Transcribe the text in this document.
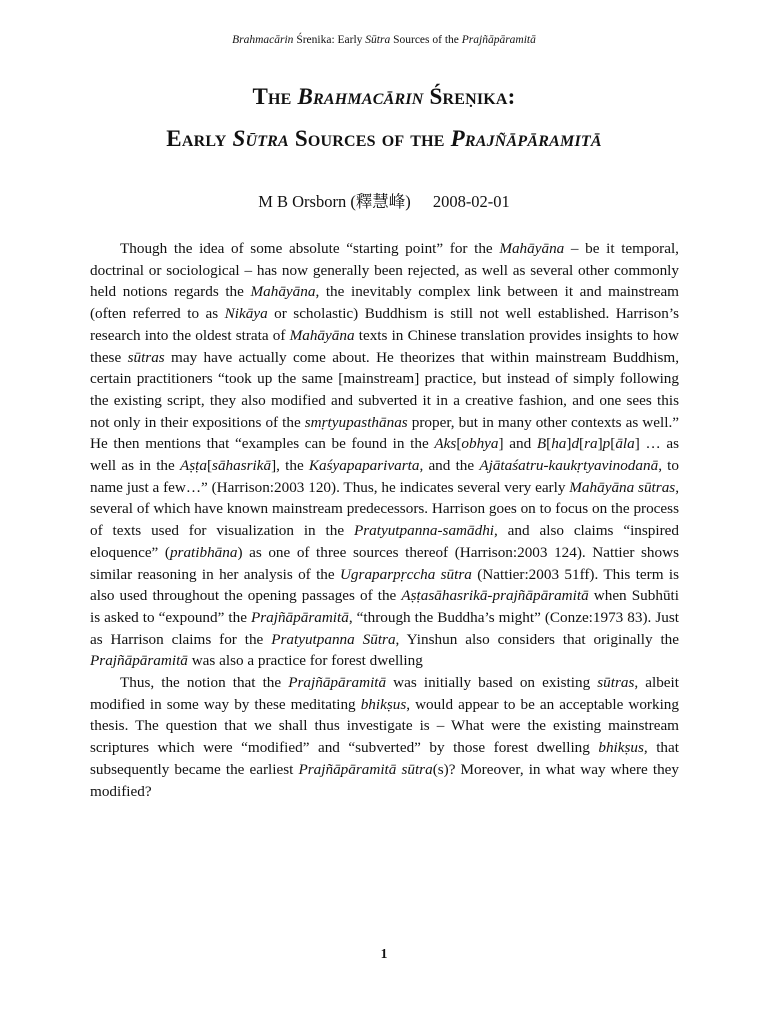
Brahmacārin Śrenika: Early Sūtra Sources of the Prajñāpāramitā
The Brahmacārin Śreṇika:
Early Sūtra Sources of the Prajñāpāramitā
M B Orsborn (釋慧峰) 2008-02-01

Though the idea of some absolute “starting point” for the Mahāyāna – be it temporal, doctrinal or sociological – has now generally been rejected, as well as several other commonly held notions regards the Mahāyāna, the inevitably complex link between it and mainstream (often referred to as Nikāya or scholastic) Buddhism is still not well established. Harrison’s research into the oldest strata of Mahāyāna texts in Chinese translation provides insights to how these sūtras may have actually come about. He theorizes that within mainstream Buddhism, certain practitioners “took up the same [mainstream] practice, but instead of simply following the existing script, they also modified and subverted it in a creative fashion, and one sees this not only in their expositions of the smṛtyupasthānas proper, but in many other contexts as well.” He then mentions that “examples can be found in the Aks[obhya] and B[ha]d[ra]p[āla] … as well as in the Aṣṭa[sāhasrikā], the Kaśyapaparivarta, and the Ajātaśatru-kaukṛtyavinodanā, to name just a few…” (Harrison:2003 120). Thus, he indicates several very early Mahāyāna sūtras, several of which have known mainstream predecessors. Harrison goes on to focus on the process of texts used for visualization in the Pratyutpanna-samādhi, and also claims “inspired eloquence” (pratibhāna) as one of three sources thereof (Harrison:2003 124). Nattier shows similar reasoning in her analysis of the Ugraparpṛccha sūtra (Nattier:2003 51ff). This term is also used throughout the opening passages of the Aṣṭasāhasrikā-prajñāpāramitā when Subhūti is asked to “expound” the Prajñāpāramitā, “through the Buddha’s might” (Conze:1973 83). Just as Harrison claims for the Pratyutpanna Sūtra, Yinshun also considers that originally the Prajñāpāramitā was also a practice for forest dwelling

Thus, the notion that the Prajñāpāramitā was initially based on existing sūtras, albeit modified in some way by these meditating bhikṣus, would appear to be an acceptable working thesis. The question that we shall thus investigate is – What were the existing mainstream scriptures which were “modified” and “subverted” by those forest dwelling bhikṣus, that subsequently became the earliest Prajñāpāramitā sūtra(s)? Moreover, in what way where they modified?

1
